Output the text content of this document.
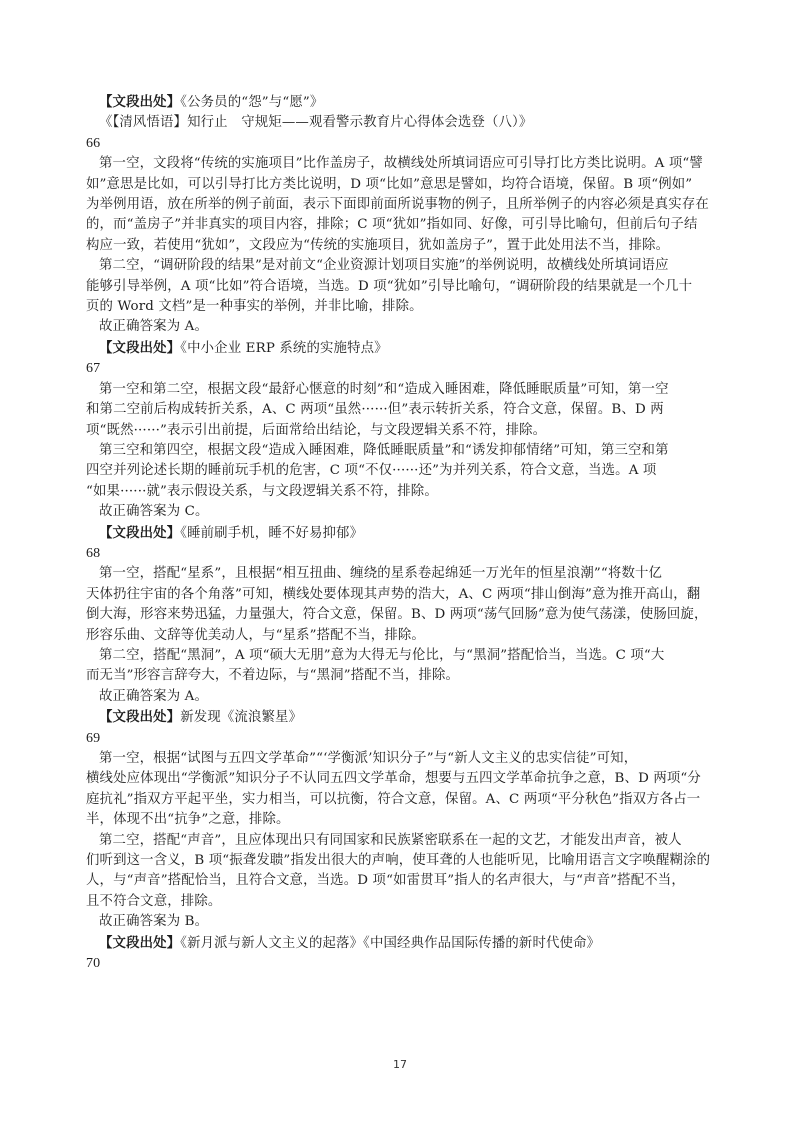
【文段出处】《公务员的“怨”与“愿”》
《【清风悟语】知行止　守规矩——观看警示教育片心得体会选登（八）》
66
第一空，文段将“传统的实施项目”比作盖房子，故横线处所填词语应可引导打比方类比说明。A 项“譬
如”意思是比如，可以引导打比方类比说明，D 项“比如”意思是譬如，均符合语境，保留。B 项“例如”
为举例用语，放在所举的例子前面，表示下面即前面所说事物的例子，且所举例子的内容必须是真实存在
的，而“盖房子”并非真实的项目内容，排除；C 项“犹如”指如同、好像，可引导比喻句，但前后句子结
构应一致，若使用“犹如”，文段应为“传统的实施项目，犹如盖房子”，置于此处用法不当，排除。
第二空，“调研阶段的结果”是对前文“企业资源计划项目实施”的举例说明，故横线处所填词语应
能够引导举例，A 项“比如”符合语境，当选。D 项“犹如”引导比喻句，“调研阶段的结果就是一个几十
页的 Word 文档”是一种事实的举例，并非比喻，排除。
故正确答案为 A。
【文段出处】《中小企业 ERP 系统的实施特点》
67
第一空和第二空，根据文段“最舒心惬意的时刻”和“造成入睡困难，降低睡眠质量”可知，第一空
和第二空前后构成转折关系，A、C 两项“虽然······但”表示转折关系，符合文意，保留。B、D 两
项“既然······”表示引出前提，后面常给出结论，与文段逻辑关系不符，排除。
第三空和第四空，根据文段“造成入睡困难，降低睡眠质量”和“诱发抑郁情绪”可知，第三空和第
四空并列论述长期的睡前玩手机的危害，C 项“不仅······还”为并列关系，符合文意，当选。A 项
“如果······就”表示假设关系，与文段逻辑关系不符，排除。
故正确答案为 C。
【文段出处】《睡前刷手机，睡不好易抑郁》
68
第一空，搭配“星系”，且根据“相互扭曲、缠绕的星系卷起绵延一万光年的恒星浪潮”“将数十亿
天体扔往宇宙的各个角落”可知，横线处要体现其声势的浩大，A、C 两项“排山倒海”意为推开高山，翻
倒大海，形容来势迅猛，力量强大，符合文意，保留。B、D 两项“荡气回肠”意为使气荡漾，使肠回旋，
形容乐曲、文辞等优美动人，与“星系”搭配不当，排除。
第二空，搭配“黑洞”，A 项“硕大无朋”意为大得无与伦比，与“黑洞”搭配恰当，当选。C 项“大
而无当”形容言辞夸大，不着边际，与“黑洞”搭配不当，排除。
故正确答案为 A。
【文段出处】新发现《流浪繁星》
69
第一空，根据“试图与五四文学革命”“‘学衡派’知识分子”与“新人文主义的忠实信徒”可知，
横线处应体现出“学衡派”知识分子不认同五四文学革命，想要与五四文学革命抗争之意，B、D 两项“分
庭抗礼”指双方平起平坐，实力相当，可以抗衡，符合文意，保留。A、C 两项“平分秋色”指双方各占一
半，体现不出“抗争”之意，排除。
第二空，搭配“声音”，且应体现出只有同国家和民族紧密联系在一起的文艺，才能发出声音，被人
们听到这一含义，B 项“振聋发聩”指发出很大的声响，使耳聋的人也能听见，比喻用语言文字唤醒糊涂的
人，与“声音”搭配恰当，且符合文意，当选。D 项“如雷贯耳”指人的名声很大，与“声音”搭配不当，
且不符合文意，排除。
故正确答案为 B。
【文段出处】《新月派与新人文主义的起落》《中国经典作品国际传播的新时代使命》
70
17
